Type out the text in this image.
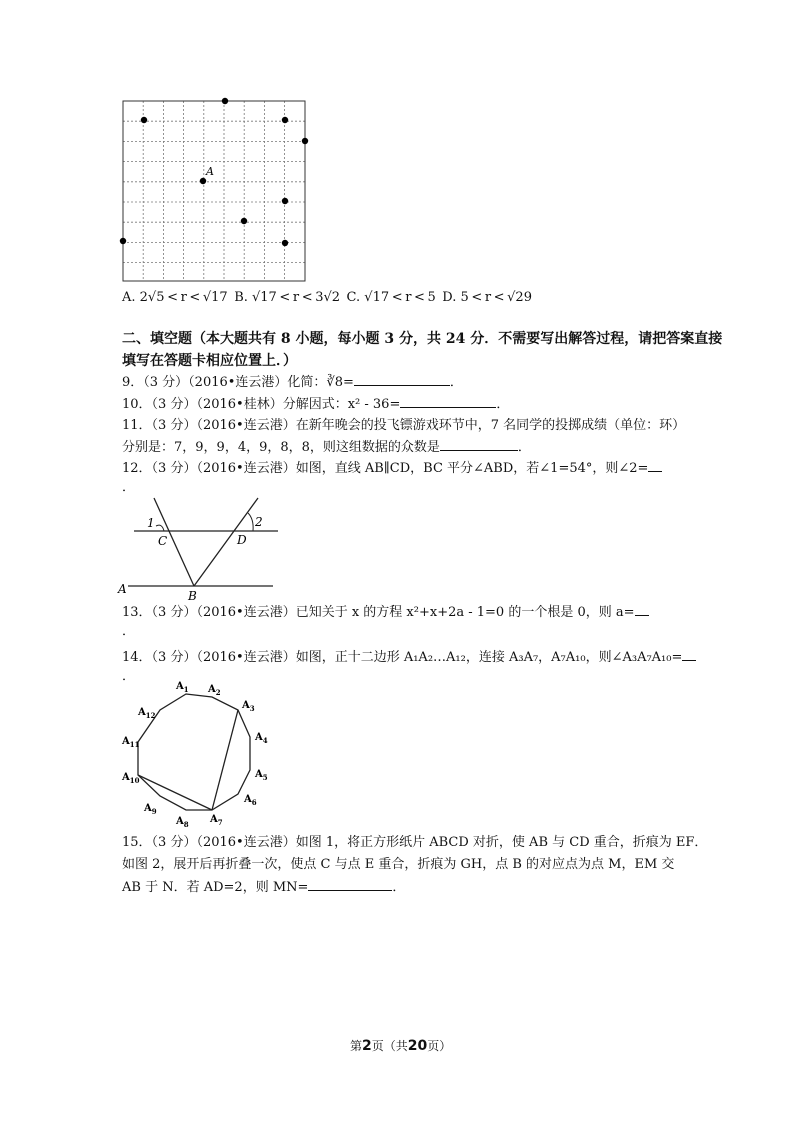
A
A. 2√5 < r < √17 B. √17 < r < 3√2 C. √17 < r < 5 D. 5 < r < √29
二、填空题（本大题共有 8 小题，每小题 3 分，共 24 分．不需要写出解答过程，请把答案直接
填写在答题卡相应位置上．）
9．（3 分）（2016•连云港）化简：∛8=	．
10．（3 分）（2016•桂林）分解因式：x² - 36=	．
11．（3 分）（2016•连云港）在新年晚会的投飞镖游戏环节中，7 名同学的投掷成绩（单位：环）
分别是：7，9，9，4，9，8，8，则这组数据的众数是	．
12．（3 分）（2016•连云港）如图，直线 AB∥CD，BC 平分∠ABD，若∠1=54°，则∠2=
．
1	2
C	D
A	B
13．（3 分）（2016•连云港）已知关于 x 的方程 x²+x+2a - 1=0 的一个根是 0，则 a=
．
14．（3 分）（2016•连云港）如图，正十二边形 A₁A₂…A₁₂，连接 A₃A₇，A₇A₁₀，则∠A₃A₇A₁₀=
．
$A_1$ $A_2$
$A_3$
$A_4$
$A_5$
$A_6$
$A_7$
$A_8$
$A_9$
$A_{10}$
$A_{11}$
$A_{12}$
15．（3 分）（2016•连云港）如图 1，将正方形纸片 ABCD 对折，使 AB 与 CD 重合，折痕为 EF．
如图 2，展开后再折叠一次，使点 C 与点 E 重合，折痕为 GH，点 B 的对应点为点 M，EM 交
AB 于 N．若 AD=2，则 MN=	．
第2页（共20页）
